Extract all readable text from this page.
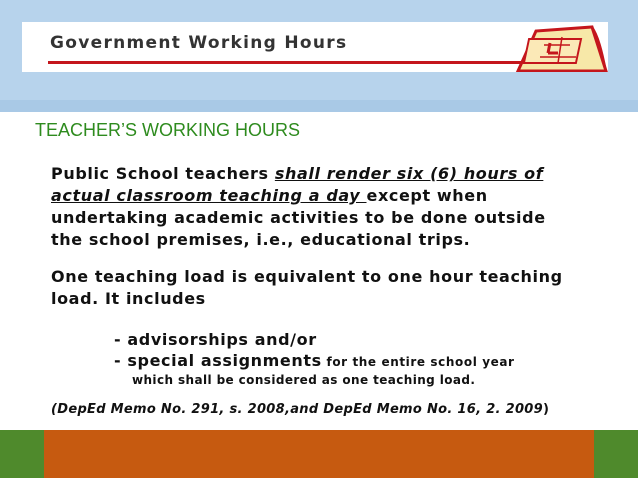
Government Working Hours
TEACHER’S WORKING HOURS
Public School teachers shall render six (6) hours of actual classroom teaching a day except when undertaking academic activities to be done outside the school premises, i.e., educational trips.
One teaching load is equivalent to one hour teaching load. It includes
- advisorships and/or
- special assignments for the entire school year
which shall be considered as one teaching load.
(DepEd Memo No. 291, s. 2008,and DepEd Memo No. 16, 2. 2009)
